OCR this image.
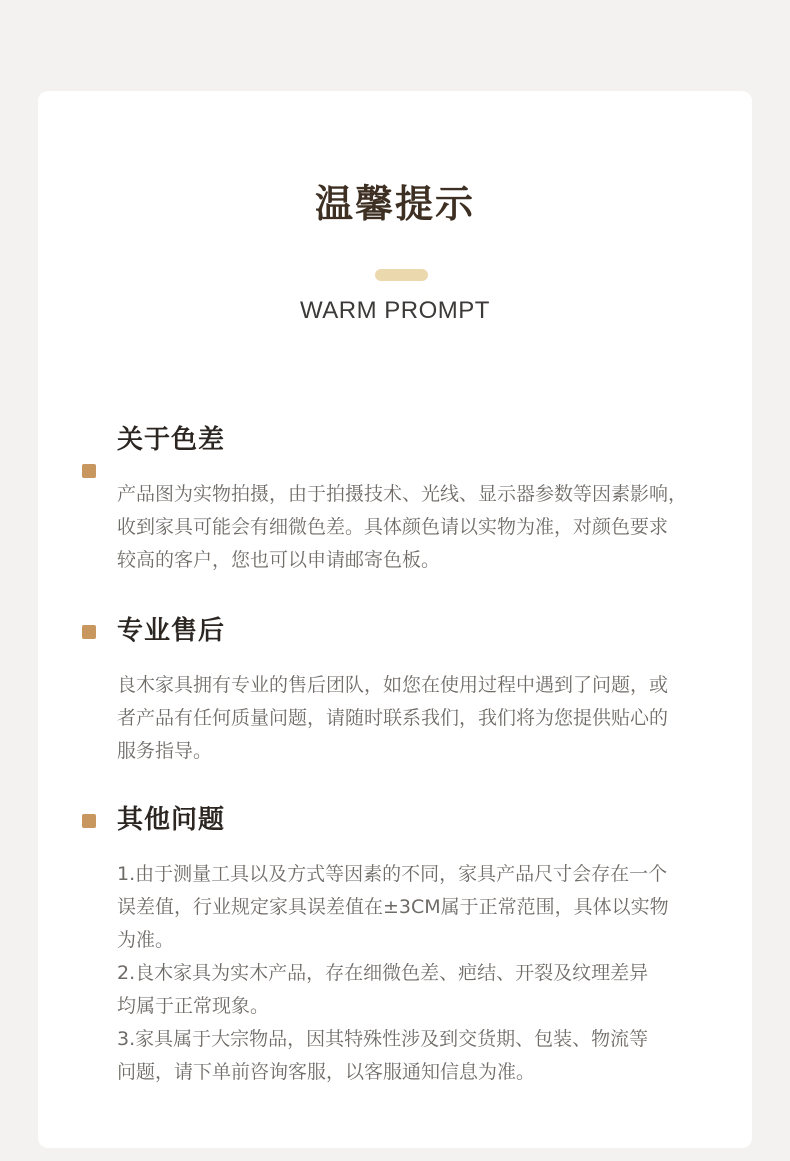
温馨提示
WARM PROMPT
关于色差

产品图为实物拍摄，由于拍摄技术、光线、显示器参数等因素影响，

收到家具可能会有细微色差。具体颜色请以实物为准，对颜色要求

较高的客户，您也可以申请邮寄色板。

专业售后

良木家具拥有专业的售后团队，如您在使用过程中遇到了问题，或

者产品有任何质量问题，请随时联系我们，我们将为您提供贴心的

服务指导。

其他问题

1.由于测量工具以及方式等因素的不同，家具产品尺寸会存在一个

误差值，行业规定家具误差值在±3CM属于正常范围，具体以实物

为准。

2.良木家具为实木产品，存在细微色差、疤结、开裂及纹理差异

均属于正常现象。

3.家具属于大宗物品，因其特殊性涉及到交货期、包装、物流等

问题，请下单前咨询客服，以客服通知信息为准。
